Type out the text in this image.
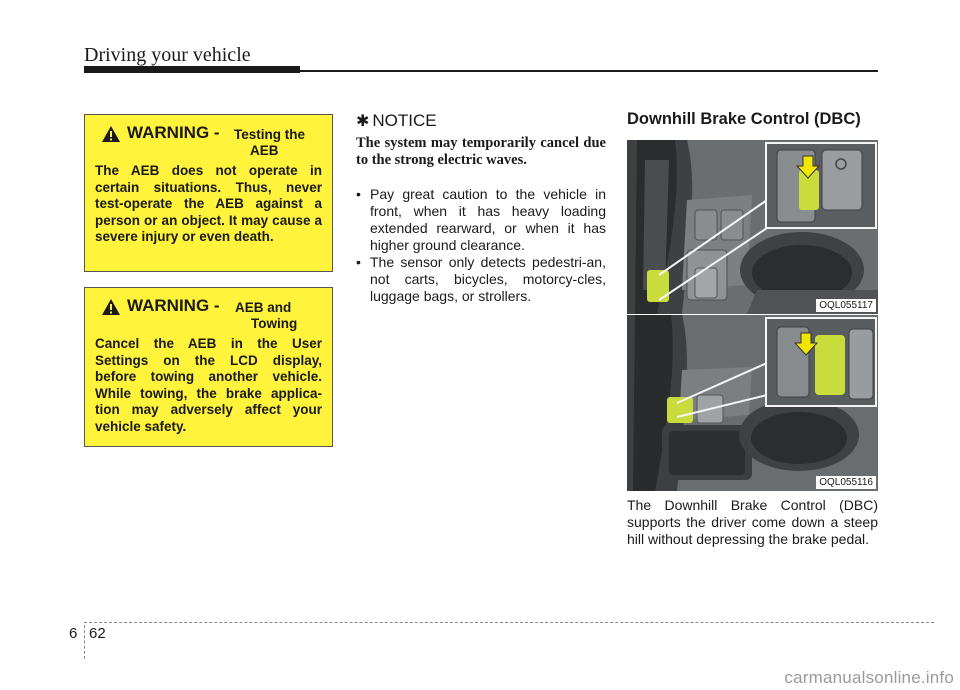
Driving your vehicle
WARNING - Testing the
AEB
The AEB does not operate in certain situations. Thus, never test-operate the AEB against a person or an object. It may cause a severe injury or even death.
WARNING - AEB and
Towing
Cancel the AEB in the User Settings on the LCD display, before towing another vehicle. While towing, the brake applica-tion may adversely affect your vehicle safety.
✱ NOTICE
The system may temporarily cancel due to the strong electric waves.
• Pay great caution to the vehicle in front, when it has heavy loading extended rearward, or when it has higher ground clearance.
• The sensor only detects pedestri-an, not carts, bicycles, motorcy-cles, luggage bags, or strollers.
Downhill Brake Control (DBC)
OQL055117
OQL055116
The Downhill Brake Control (DBC) supports the driver come down a steep hill without depressing the brake pedal.
6 62
carmanualsonline.info
